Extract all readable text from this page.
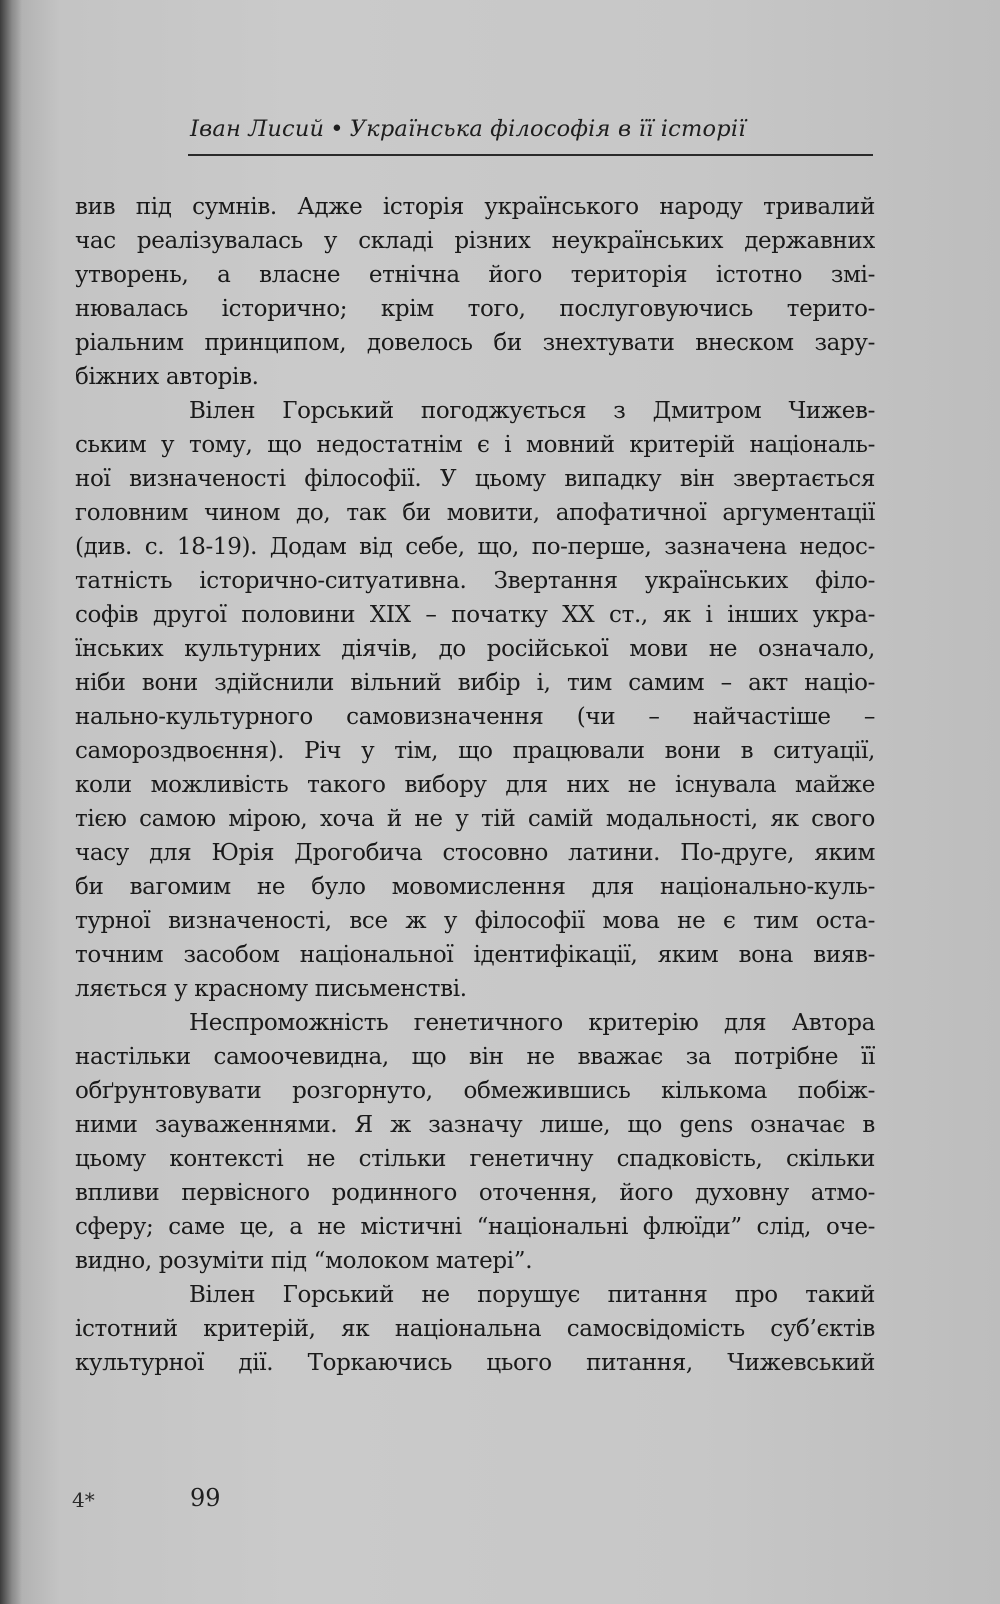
Іван Лисий • Українська філософія в її історії
вив під сумнів. Адже історія українського народу тривалий
час реалізувалась у складі різних неукраїнських державних
утворень, а власне етнічна його територія істотно змі-
нювалась історично; крім того, послуговуючись терито-
ріальним принципом, довелось би знехтувати внеском зару-
біжних авторів.
Вілен Горський погоджується з Дмитром Чижев-
ським у тому, що недостатнім є і мовний критерій національ-
ної визначеності філософії. У цьому випадку він звертається
головним чином до, так би мовити, апофатичної аргументації
(див. с. 18-19). Додам від себе, що, по-перше, зазначена недос-
татність історично-ситуативна. Звертання українських філо-
софів другої половини XIX – початку XX ст., як і інших укра-
їнських культурних діячів, до російської мови не означало,
ніби вони здійснили вільний вибір і, тим самим – акт націо-
нально-культурного самовизначення (чи – найчастіше –
самороздвоєння). Річ у тім, що працювали вони в ситуації,
коли можливість такого вибору для них не існувала майже
тією самою мірою, хоча й не у тій самій модальності, як свого
часу для Юрія Дрогобича стосовно латини. По-друге, яким
би вагомим не було мовомислення для національно-куль-
турної визначеності, все ж у філософії мова не є тим оста-
точним засобом національної ідентифікації, яким вона вияв-
ляється у красному письменстві.
Неспроможність генетичного критерію для Автора
настільки самоочевидна, що він не вважає за потрібне її
обґрунтовувати розгорнуто, обмежившись кількома побіж-
ними зауваженнями. Я ж зазначу лише, що gens означає в
цьому контексті не стільки генетичну спадковість, скільки
впливи первісного родинного оточення, його духовну атмо-
сферу; саме це, а не містичні “національні флюїди” слід, оче-
видно, розуміти під “молоком матері”.
Вілен Горський не порушує питання про такий
істотний критерій, як національна самосвідомість суб’єктів
культурної дії. Торкаючись цього питання, Чижевський
4*	99
